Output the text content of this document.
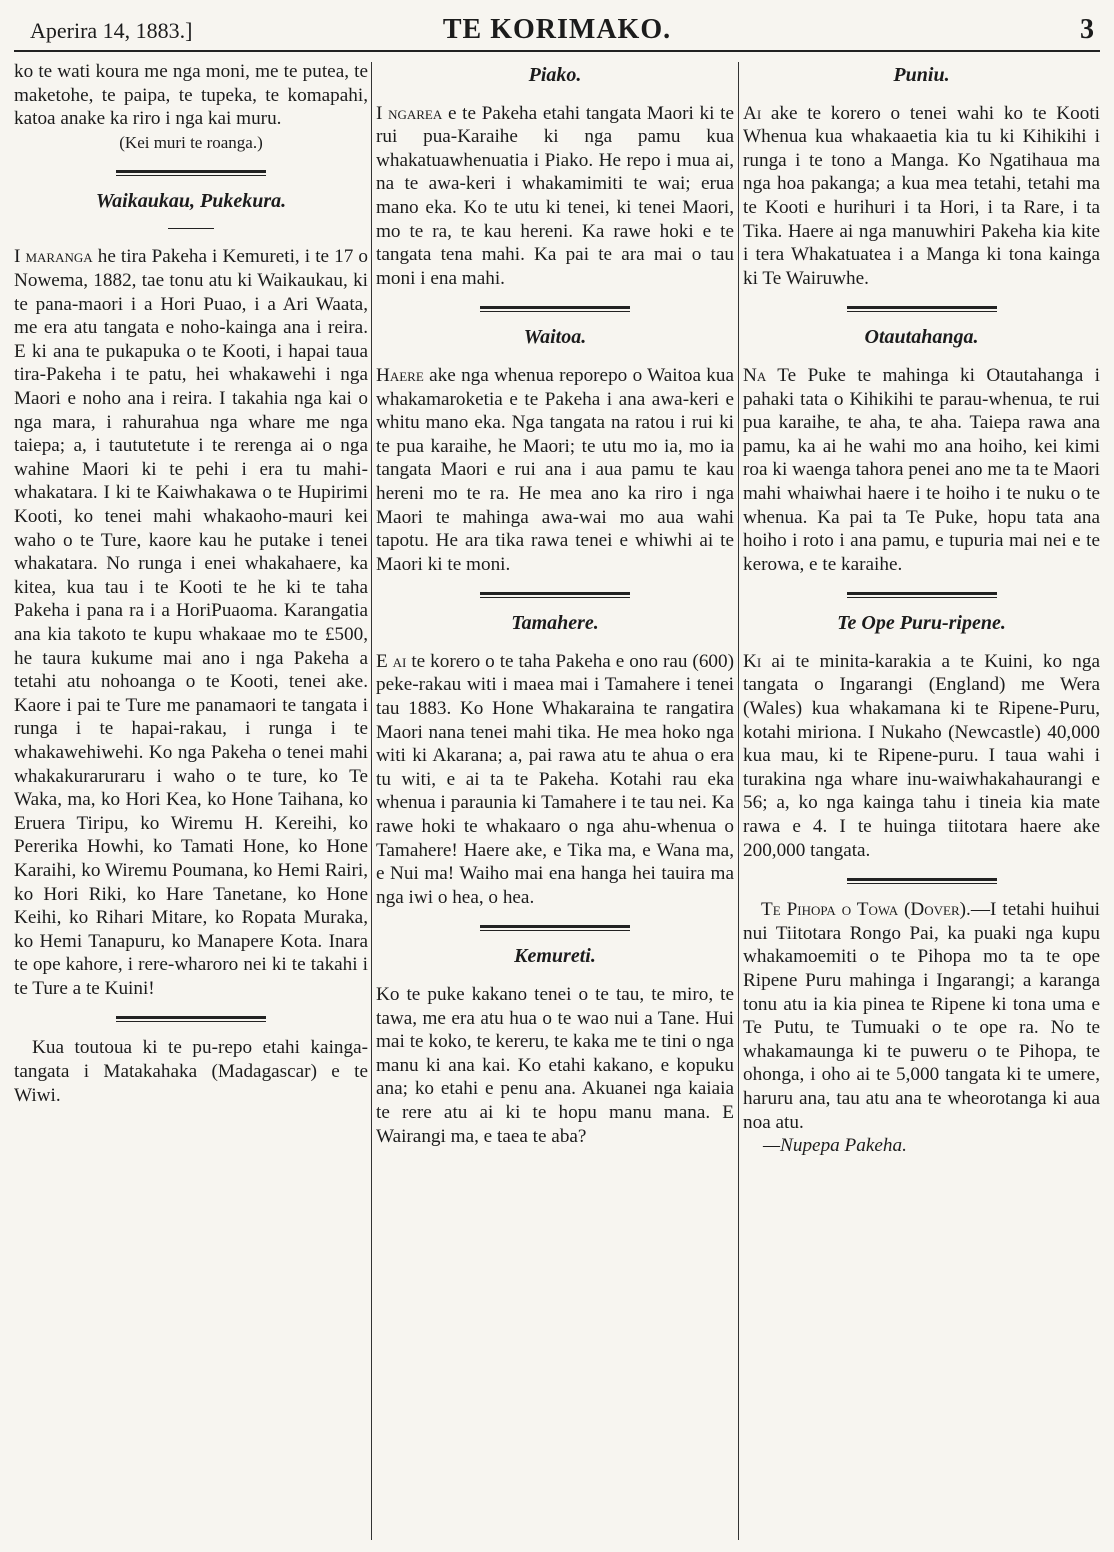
Aperira 14, 1883.]	TE KORIMAKO.	3

ko te wati koura me nga moni, me te putea, te maketohe, te paipa, te tupeka, te komapahi, katoa anake ka riro i nga kai muru.

(Kei muri te roanga.)

Waikaukau, Pukekura.

I maranga he tira Pakeha i Kemureti, i te 17 o Nowema, 1882, tae tonu atu ki Waikaukau, ki te pana-maori i a Hori Puao, i a Ari Waata, me era atu tangata e noho-kainga ana i reira. E ki ana te pukapuka o te Kooti, i hapai taua tira-Pakeha i te patu, hei whakawehi i nga Maori e noho ana i reira. I takahia nga kai o nga mara, i rahurahua nga whare me nga taiepa; a, i taututetute i te rerenga ai o nga wahine Maori ki te pehi i era tu mahi-whakatara. I ki te Kaiwhakawa o te Hupirimi Kooti, ko tenei mahi whakaoho-mauri kei waho o te Ture, kaore kau he putake i tenei whakatara. No runga i enei whakahaere, ka kitea, kua tau i te Kooti te he ki te taha Pakeha i pana ra i a HoriPuaoma. Karangatia ana kia takoto te kupu whakaae mo te £500, he taura kukume mai ano i nga Pakeha a tetahi atu nohoanga o te Kooti, tenei ake. Kaore i pai te Ture me panamaori te tangata i runga i te hapai-rakau, i runga i te whakawehiwehi. Ko nga Pakeha o tenei mahi whakakuraruraru i waho o te ture, ko Te Waka, ma, ko Hori Kea, ko Hone Taihana, ko Eruera Tiripu, ko Wiremu H. Kereihi, ko Pererika Howhi, ko Tamati Hone, ko Hone Karaihi, ko Wiremu Poumana, ko Hemi Rairi, ko Hori Riki, ko Hare Tanetane, ko Hone Keihi, ko Rihari Mitare, ko Ropata Muraka, ko Hemi Tanapuru, ko Manapere Kota. Inara te ope kahore, i rere-wharoro nei ki te takahi i te Ture a te Kuini!

Kua toutoua ki te pu-repo etahi kainga-tangata i Matakahaka (Madagascar) e te Wiwi.

Piako.

I ngarea e te Pakeha etahi tangata Maori ki te rui pua-Karaihe ki nga pamu kua whakatuawhenuatia i Piako. He repo i mua ai, na te awa-keri i whakamimiti te wai; erua mano eka. Ko te utu ki tenei, ki tenei Maori, mo te ra, te kau hereni. Ka rawe hoki e te tangata tena mahi. Ka pai te ara mai o tau moni i ena mahi.

Waitoa.

Haere ake nga whenua reporepo o Waitoa kua whakamaroketia e te Pakeha i ana awa-keri e whitu mano eka. Nga tangata na ratou i rui ki te pua karaihe, he Maori; te utu mo ia, mo ia tangata Maori e rui ana i aua pamu te kau hereni mo te ra. He mea ano ka riro i nga Maori te mahinga awa-wai mo aua wahi tapotu. He ara tika rawa tenei e whiwhi ai te Maori ki te moni.

Tamahere.

E ai te korero o te taha Pakeha e ono rau (600) peke-rakau witi i maea mai i Tamahere i tenei tau 1883. Ko Hone Whakaraina te rangatira Maori nana tenei mahi tika. He mea hoko nga witi ki Akarana; a, pai rawa atu te ahua o era tu witi, e ai ta te Pakeha. Kotahi rau eka whenua i paraunia ki Tamahere i te tau nei. Ka rawe hoki te whakaaro o nga ahu-whenua o Tamahere! Haere ake, e Tika ma, e Wana ma, e Nui ma! Waiho mai ena hanga hei tauira ma nga iwi o hea, o hea.

Kemureti.

Ko te puke kakano tenei o te tau, te miro, te tawa, me era atu hua o te wao nui a Tane. Hui mai te koko, te kereru, te kaka me te tini o nga manu ki ana kai. Ko etahi kakano, e kopuku ana; ko etahi e penu ana. Akuanei nga kaiaia te rere atu ai ki te hopu manu mana. E Wairangi ma, e taea te aba?

Puniu.

Ai ake te korero o tenei wahi ko te Kooti Whenua kua whakaaetia kia tu ki Kihikihi i runga i te tono a Manga. Ko Ngatihaua ma nga hoa pakanga; a kua mea tetahi, tetahi ma te Kooti e hurihuri i ta Hori, i ta Rare, i ta Tika. Haere ai nga manuwhiri Pakeha kia kite i tera Whakatuatea i a Manga ki tona kainga ki Te Wairuwhe.

Otautahanga.

Na Te Puke te mahinga ki Otautahanga i pahaki tata o Kihikihi te parau-whenua, te rui pua karaihe, te aha, te aha. Taiepa rawa ana pamu, ka ai he wahi mo ana hoiho, kei kimi roa ki waenga tahora penei ano me ta te Maori mahi whaiwhai haere i te hoiho i te nuku o te whenua. Ka pai ta Te Puke, hopu tata ana hoiho i roto i ana pamu, e tupuria mai nei e te kerowa, e te karaihe.

Te Ope Puru-ripene.

Ki ai te minita-karakia a te Kuini, ko nga tangata o Ingarangi (England) me Wera (Wales) kua whakamana ki te Ripene-Puru, kotahi miriona. I Nukaho (Newcastle) 40,000 kua mau, ki te Ripene-puru. I taua wahi i turakina nga whare inu-waiwhakahaurangi e 56; a, ko nga kainga tahu i tineia kia mate rawa e 4. I te huinga tiitotara haere ake 200,000 tangata.

Te Pihopa o Towa (Dover).—I tetahi huihui nui Tiitotara Rongo Pai, ka puaki nga kupu whakamoemiti o te Pihopa mo ta te ope Ripene Puru mahinga i Ingarangi; a karanga tonu atu ia kia pinea te Ripene ki tona uma e Te Putu, te Tumuaki o te ope ra. No te whakamaunga ki te puweru o te Pihopa, te ohonga, i oho ai te 5,000 tangata ki te umere, haruru ana, tau atu ana te wheorotanga ki aua noa atu.

—Nupepa Pakeha.
